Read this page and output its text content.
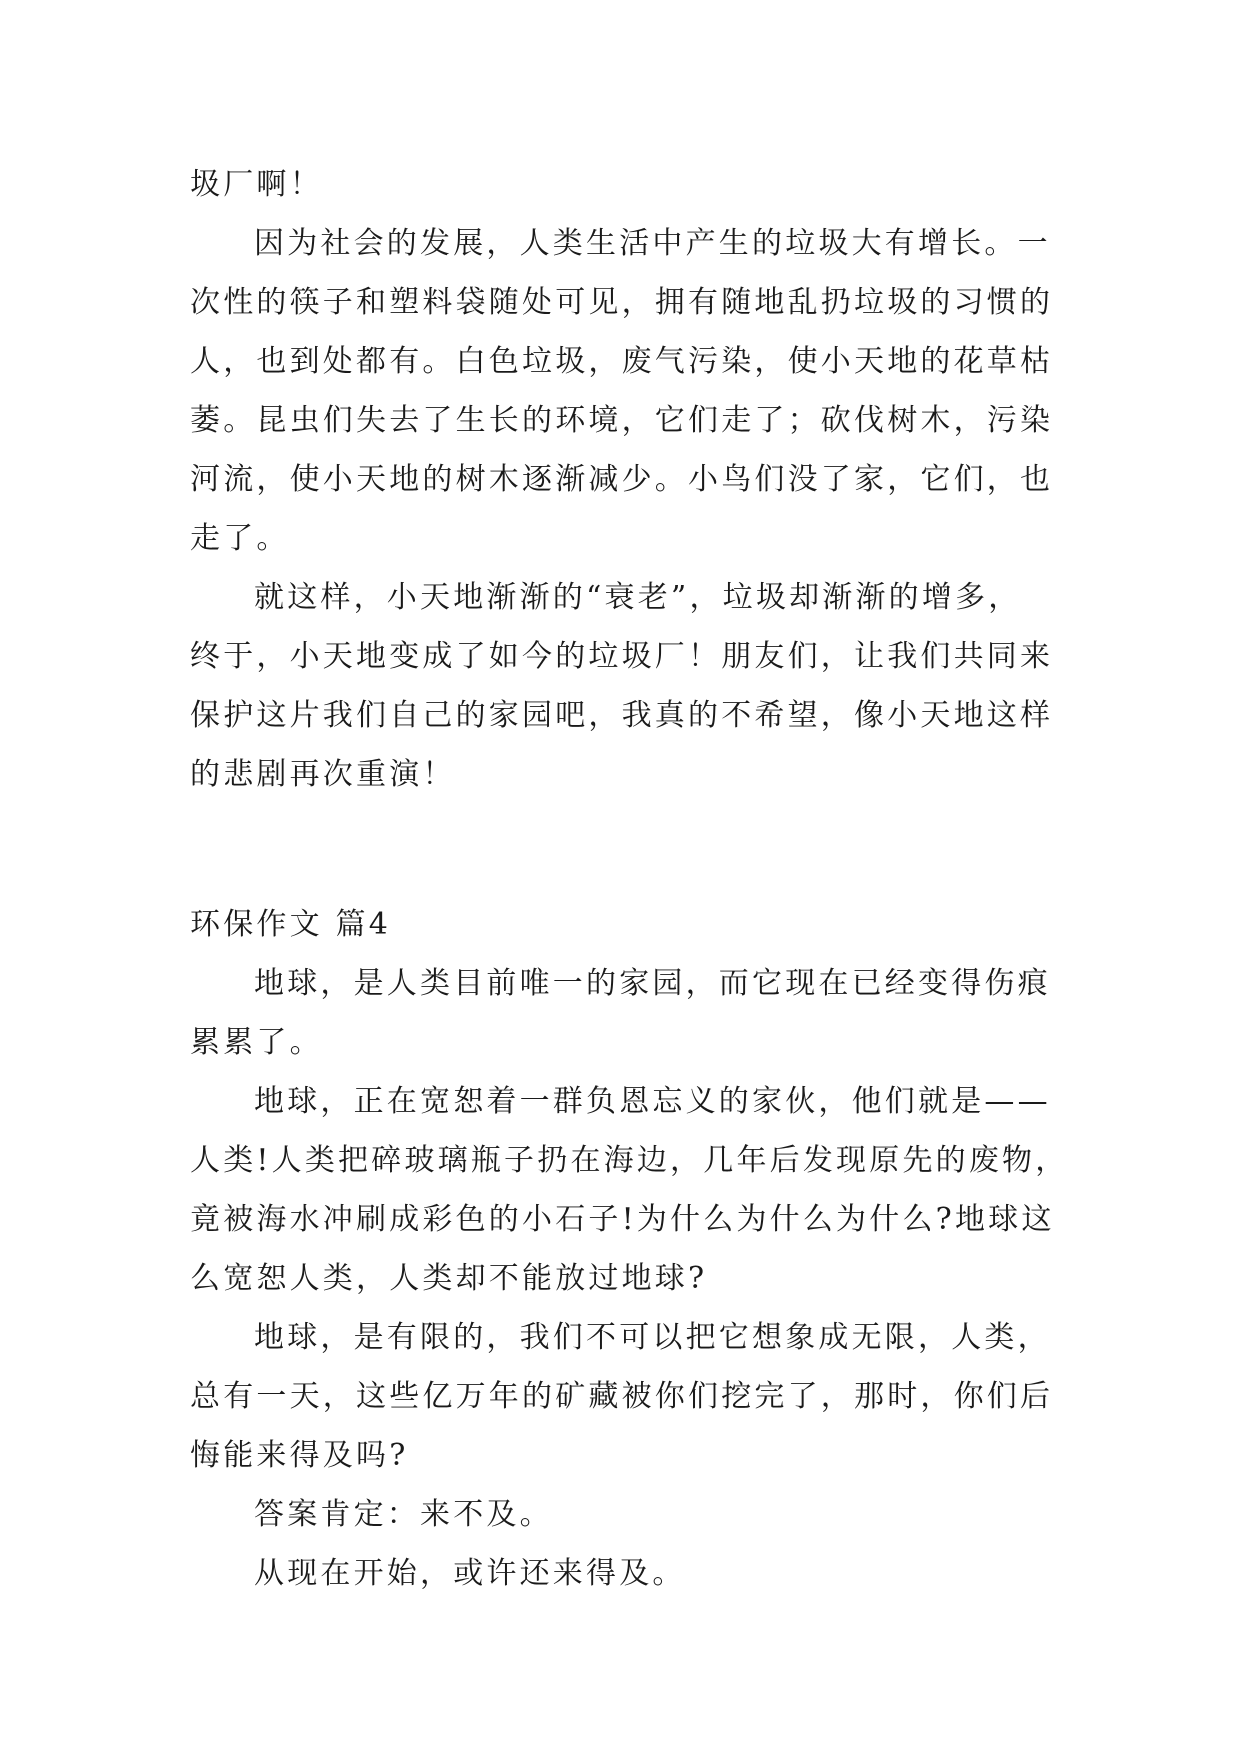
圾厂啊！
因为社会的发展，人类生活中产生的垃圾大有增长。一
次性的筷子和塑料袋随处可见，拥有随地乱扔垃圾的习惯的
人，也到处都有。白色垃圾，废气污染，使小天地的花草枯
萎。昆虫们失去了生长的环境，它们走了；砍伐树木，污染
河流，使小天地的树木逐渐减少。小鸟们没了家，它们，也
走了。
就这样，小天地渐渐的“衰老”，垃圾却渐渐的增多，
终于，小天地变成了如今的垃圾厂！朋友们，让我们共同来
保护这片我们自己的家园吧，我真的不希望，像小天地这样
的悲剧再次重演！
环保作文 篇4
地球，是人类目前唯一的家园，而它现在已经变得伤痕
累累了。
地球，正在宽恕着一群负恩忘义的家伙，他们就是——
人类!人类把碎玻璃瓶子扔在海边，几年后发现原先的废物，
竟被海水冲刷成彩色的小石子!为什么为什么为什么?地球这
么宽恕人类，人类却不能放过地球?
地球，是有限的，我们不可以把它想象成无限，人类，
总有一天，这些亿万年的矿藏被你们挖完了，那时，你们后
悔能来得及吗?
答案肯定：来不及。
从现在开始，或许还来得及。
